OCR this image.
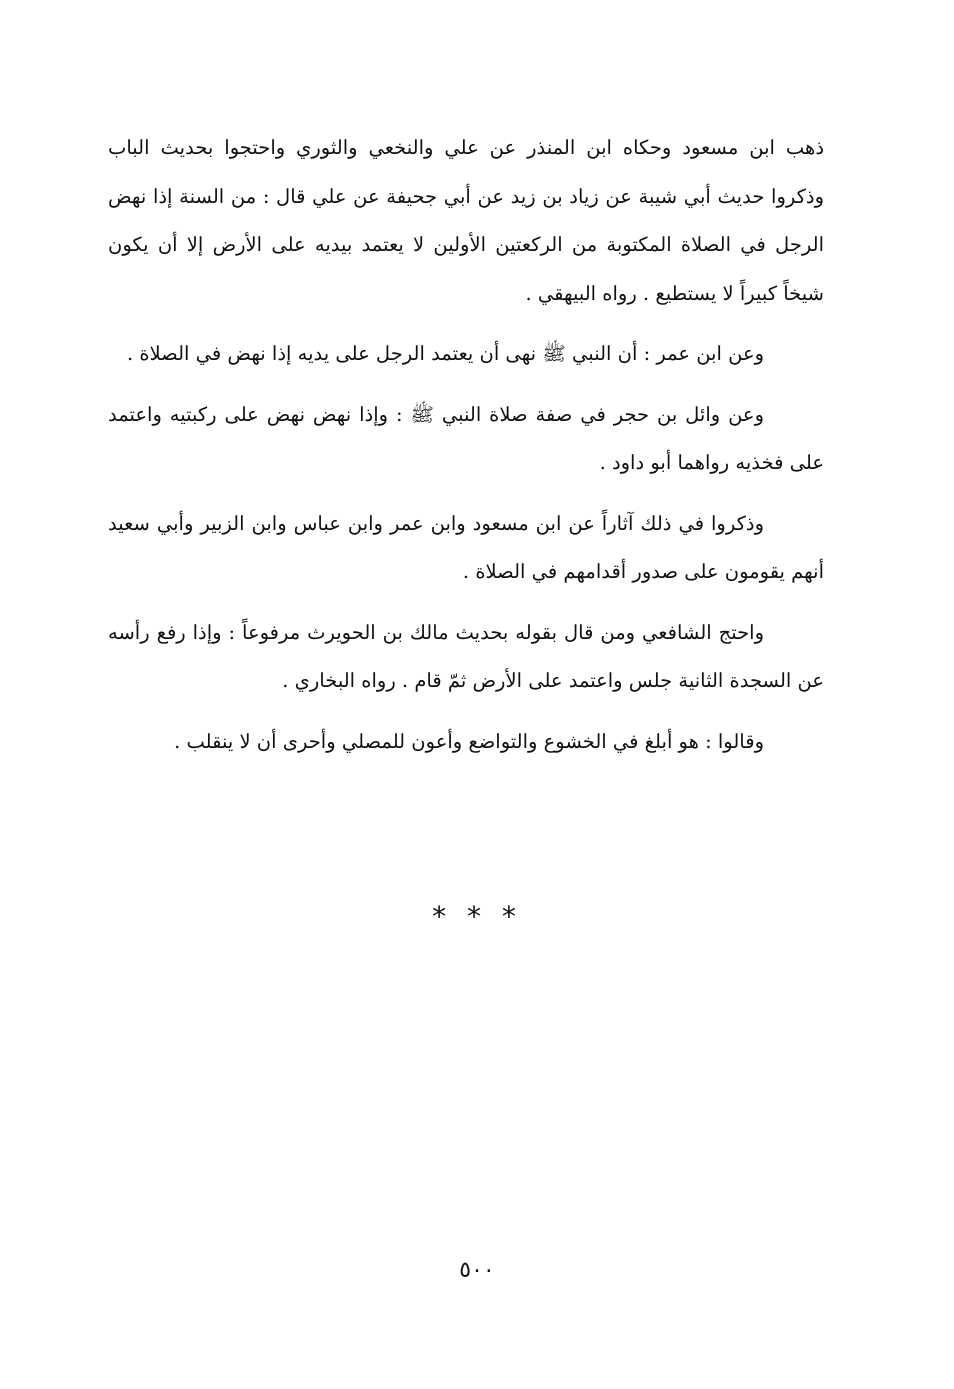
ذهب ابن مسعود وحكاه ابن المنذر عن علي والنخعي والثوري واحتجوا بحديث الباب وذكروا حديث أبي شيبة عن زياد بن زيد عن أبي جحيفة عن علي قال : من السنة إذا نهض الرجل في الصلاة المكتوبة من الركعتين الأولين لا يعتمد بيديه على الأرض إلا أن يكون شيخاً كبيراً لا يستطيع . رواه البيهقي .

وعن ابن عمر : أن النبي ﷺ نهى أن يعتمد الرجل على يديه إذا نهض في الصلاة .

وعن وائل بن حجر في صفة صلاة النبي ﷺ : وإذا نهض نهض على ركبتيه واعتمد على فخذيه رواهما أبو داود .

وذكروا في ذلك آثاراً عن ابن مسعود وابن عمر وابن عباس وابن الزبير وأبي سعيد أنهم يقومون على صدور أقدامهم في الصلاة .

واحتج الشافعي ومن قال بقوله بحديث مالك بن الحويرث مرفوعاً : وإذا رفع رأسه عن السجدة الثانية جلس واعتمد على الأرض ثمّ قام . رواه البخاري .

وقالوا : هو أبلغ في الخشوع والتواضع وأعون للمصلي وأحرى أن لا ينقلب .

* * *
٥٠٠
